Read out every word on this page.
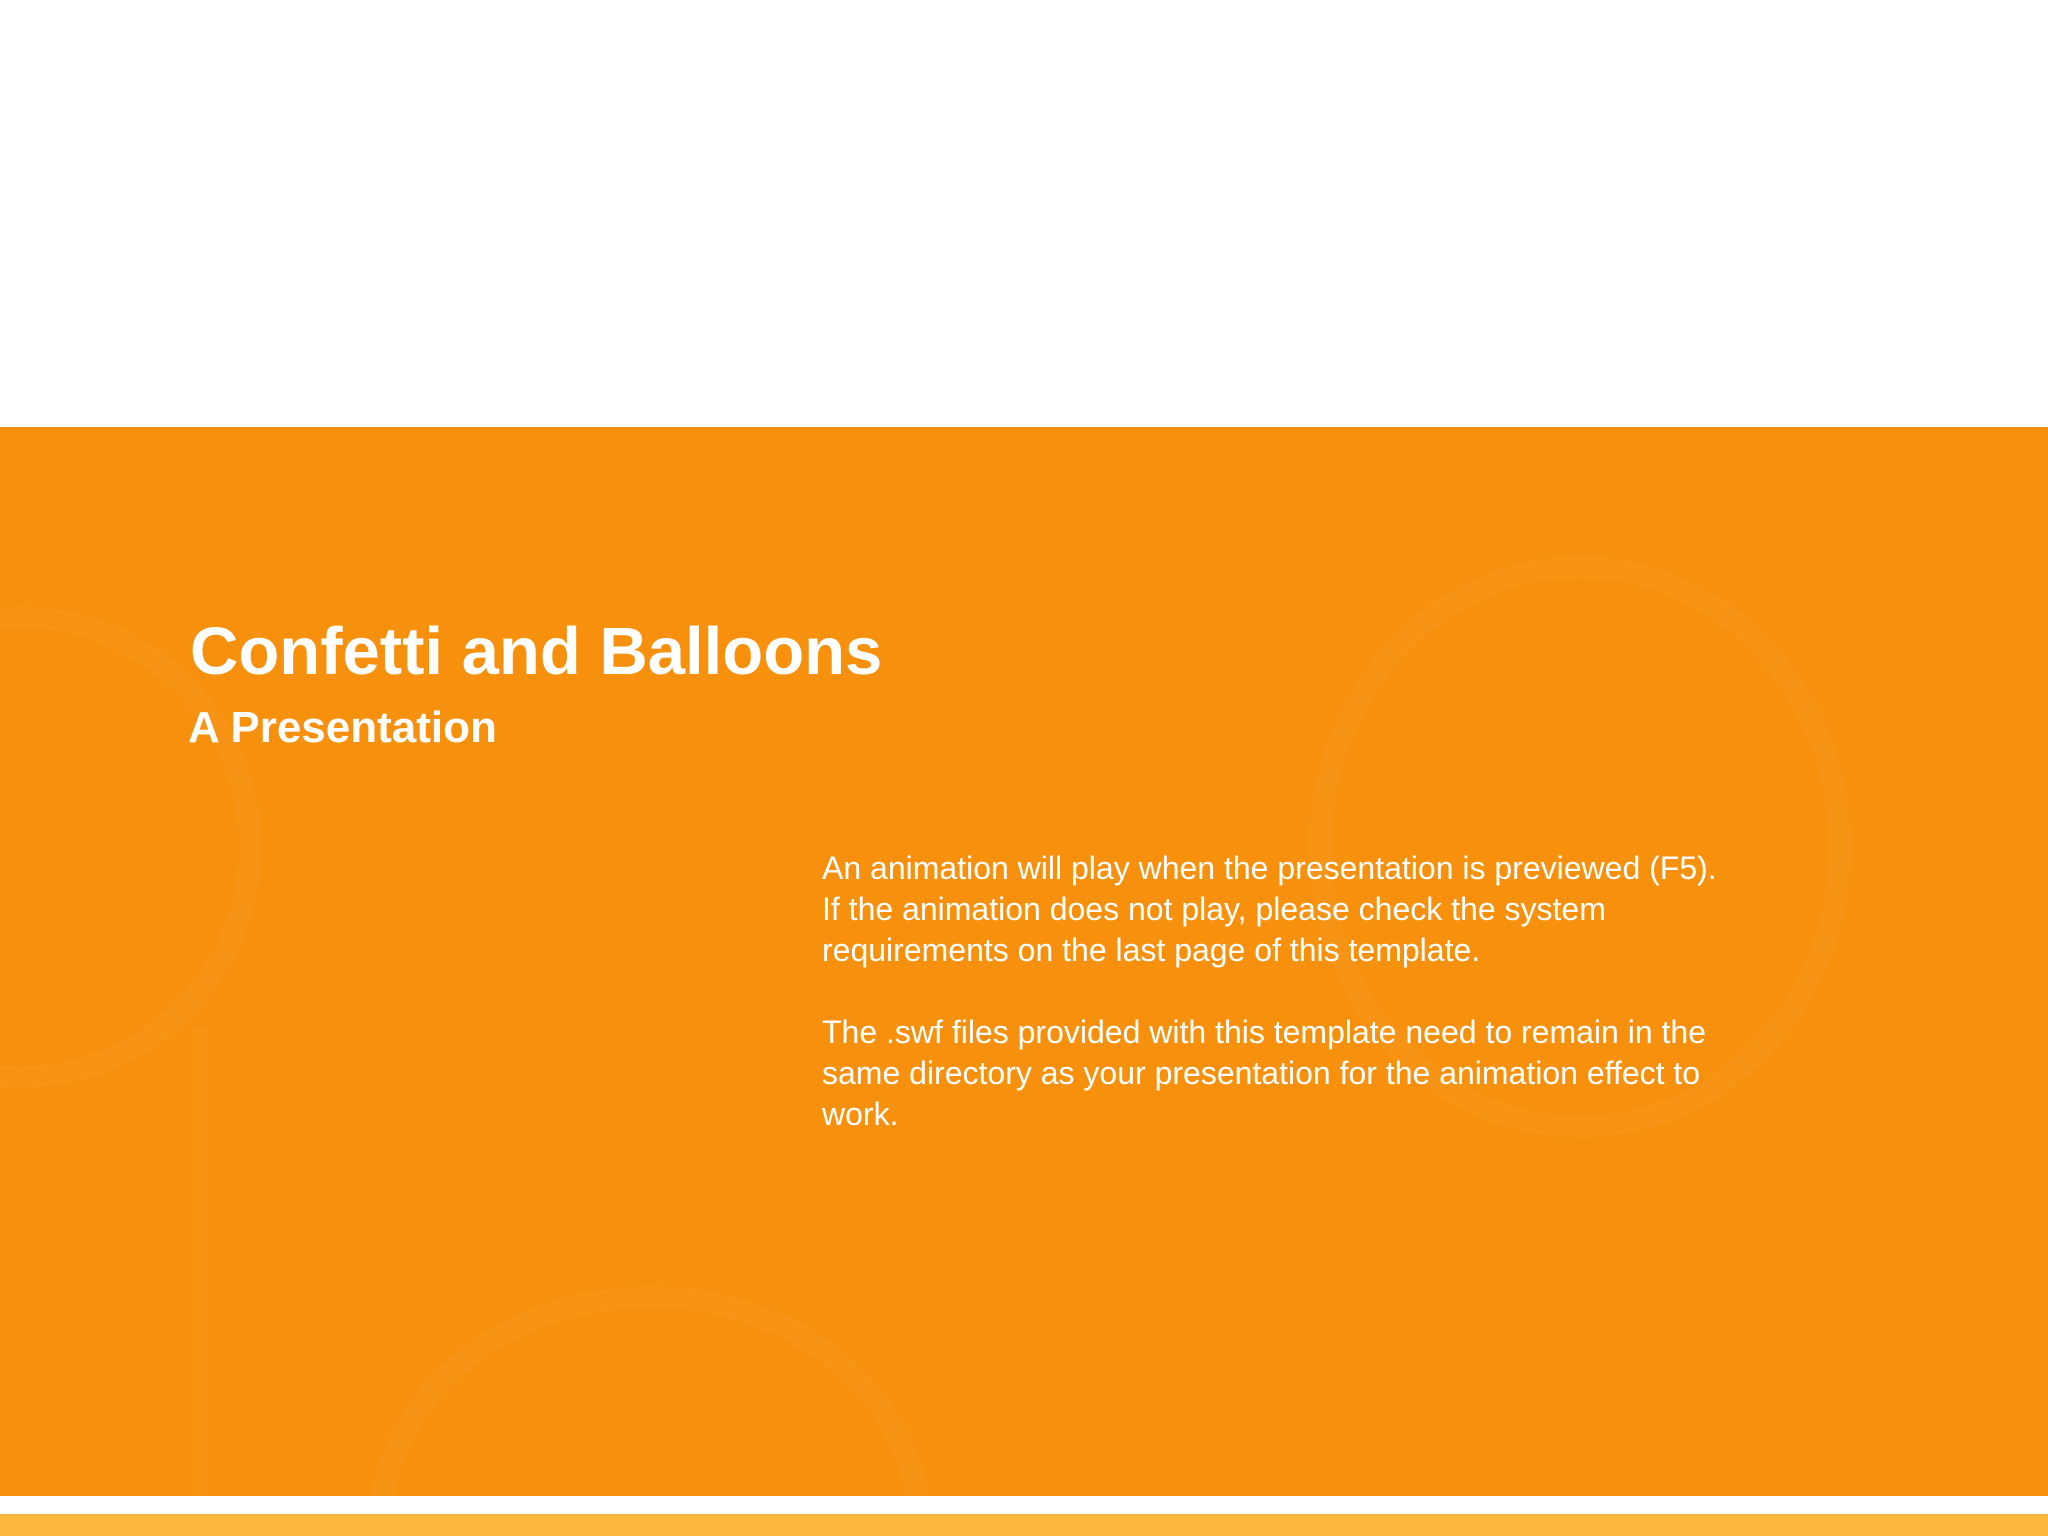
Confetti and Balloons
A Presentation

An animation will play when the presentation is previewed (F5).

If the animation does not play, please check the system

requirements on the last page of this template.

The .swf files provided with this template need to remain in the

same directory as your presentation for the animation effect to

work.
